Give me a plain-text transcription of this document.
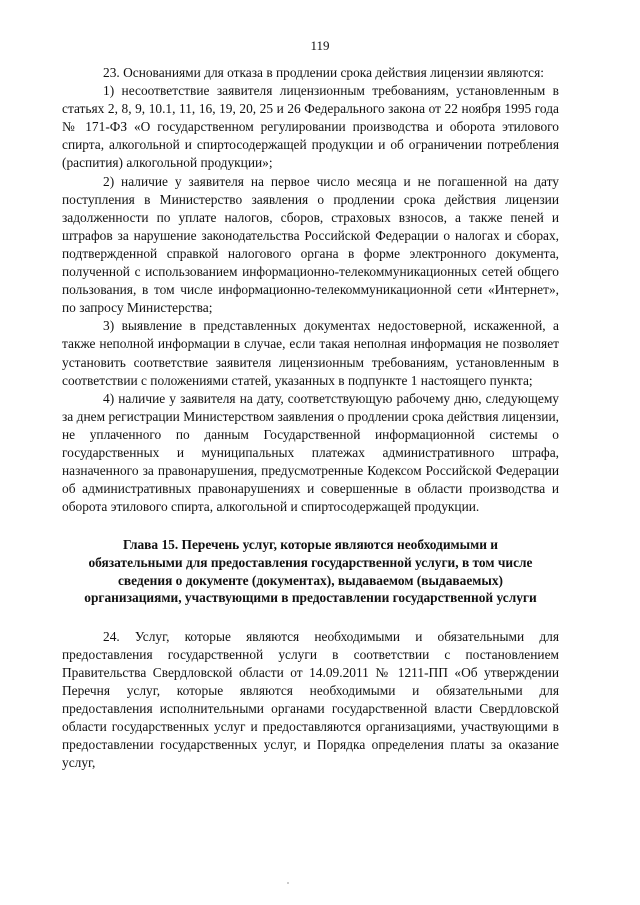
119

23. Основаниями для отказа в продлении срока действия лицензии являются:

1) несоответствие заявителя лицензионным требованиям, установленным в статьях 2, 8, 9, 10.1, 11, 16, 19, 20, 25 и 26 Федерального закона от 22 ноября 1995 года № 171-ФЗ «О государственном регулировании производства и оборота этилового спирта, алкогольной и спиртосодержащей продукции и об ограничении потребления (распития) алкогольной продукции»;

2) наличие у заявителя на первое число месяца и не погашенной на дату поступления в Министерство заявления о продлении срока действия лицензии задолженности по уплате налогов, сборов, страховых взносов, а также пеней и штрафов за нарушение законодательства Российской Федерации о налогах и сборах, подтвержденной справкой налогового органа в форме электронного документа, полученной с использованием информационно-телекоммуникационных сетей общего пользования, в том числе информационно-телекоммуникационной сети «Интернет», по запросу Министерства;

3) выявление в представленных документах недостоверной, искаженной, а также неполной информации в случае, если такая неполная информация не позволяет установить соответствие заявителя лицензионным требованиям, установленным в соответствии с положениями статей, указанных в подпункте 1 настоящего пункта;

4) наличие у заявителя на дату, соответствующую рабочему дню, следующему за днем регистрации Министерством заявления о продлении срока действия лицензии, не уплаченного по данным Государственной информационной системы о государственных и муниципальных платежах административного штрафа, назначенного за правонарушения, предусмотренные Кодексом Российской Федерации об административных правонарушениях и совершенные в области производства и оборота этилового спирта, алкогольной и спиртосодержащей продукции.

Глава 15. Перечень услуг, которые являются необходимыми и обязательными для предоставления государственной услуги, в том числе сведения о документе (документах), выдаваемом (выдаваемых) организациями, участвующими в предоставлении государственной услуги

24. Услуг, которые являются необходимыми и обязательными для предоставления государственной услуги в соответствии с постановлением Правительства Свердловской области от 14.09.2011 № 1211-ПП «Об утверждении Перечня услуг, которые являются необходимыми и обязательными для предоставления исполнительными органами государственной власти Свердловской области государственных услуг и предоставляются организациями, участвующими в предоставлении государственных услуг, и Порядка определения платы за оказание услуг,
